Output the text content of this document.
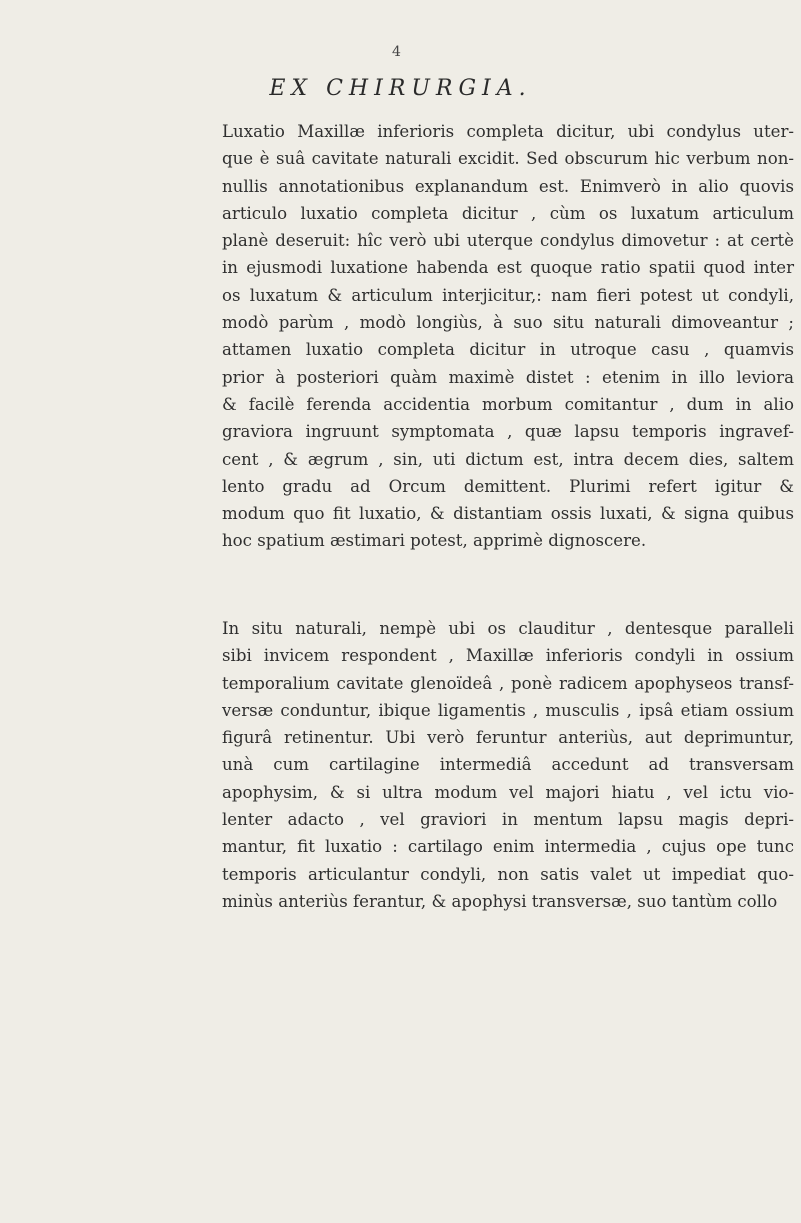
4
EX CHIRURGIA.
Luxatio Maxillæ inferioris completa dicitur, ubi condylus uter-
que è suâ cavitate naturali excidit. Sed obscurum hic verbum non-
nullis annotationibus explanandum est. Enimverò in alio quovis
articulo luxatio completa dicitur , cùm os luxatum articulum
planè deseruit: hîc verò ubi uterque condylus dimovetur : at certè
in ejusmodi luxatione habenda est quoque ratio spatii quod inter
os luxatum & articulum interjicitur,: nam fieri potest ut condyli,
modò parùm , modò longiùs, à suo situ naturali dimoveantur ;
attamen luxatio completa dicitur in utroque casu , quamvis
prior à posteriori quàm maximè distet : etenim in illo leviora
& facilè ferenda accidentia morbum comitantur , dum in alio
graviora ingruunt symptomata , quæ lapsu temporis ingravef-
cent , & ægrum , sin, uti dictum est, intra decem dies, saltem
lento gradu ad Orcum demittent. Plurimi refert igitur &
modum quo fit luxatio, & distantiam ossis luxati, & signa quibus
hoc spatium æstimari potest, apprimè dignoscere.
In situ naturali, nempè ubi os clauditur , dentesque paralleli
sibi invicem respondent , Maxillæ inferioris condyli in ossium
temporalium cavitate glenoïdeâ , ponè radicem apophyseos transf-
versæ conduntur, ibique ligamentis , musculis , ipsâ etiam ossium
figurâ retinentur. Ubi verò feruntur anteriùs, aut deprimuntur,
unà cum cartilagine intermediâ accedunt ad transversam
apophysim, & si ultra modum vel majori hiatu , vel ictu vio-
lenter adacto , vel graviori in mentum lapsu magis depri-
mantur, fit luxatio : cartilago enim intermedia , cujus ope tunc
temporis articulantur condyli, non satis valet ut impediat quo-
minùs anteriùs ferantur, & apophysi transversæ, suo tantùm collo
